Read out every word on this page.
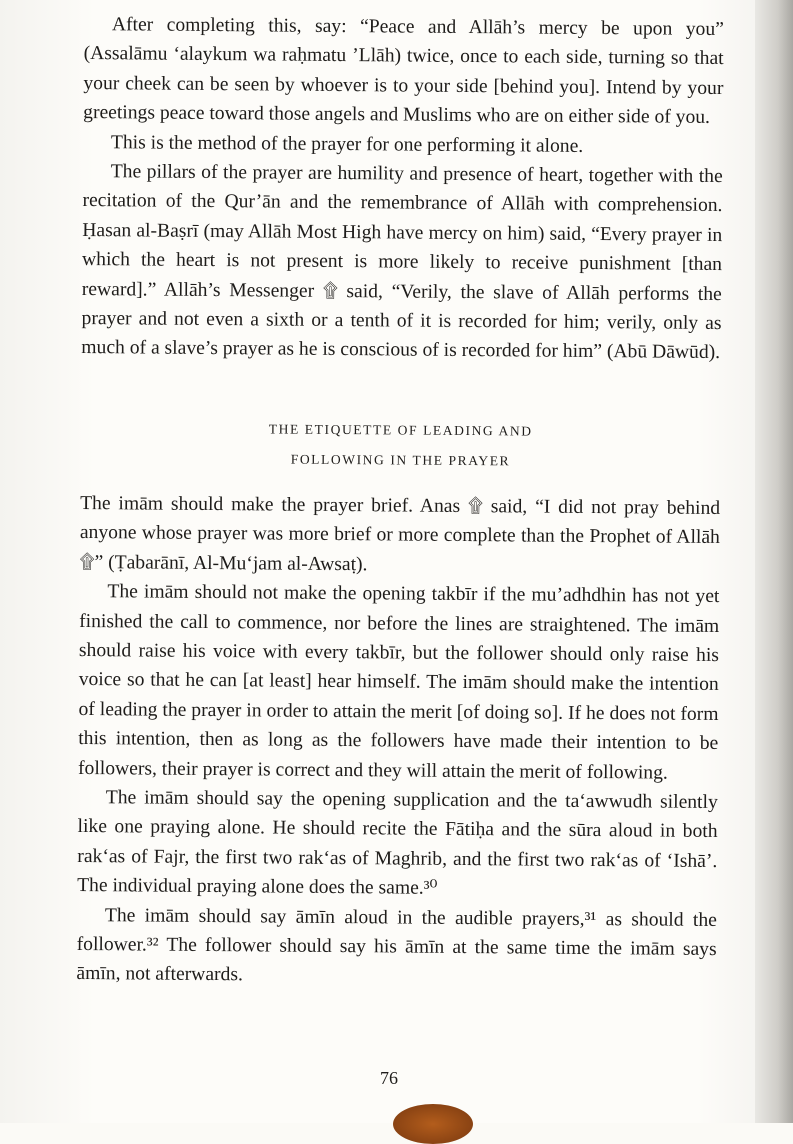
After completing this, say: “Peace and Allāh’s mercy be upon you” (Assalāmu ‘alaykum wa raḥmatu ’Llāh) twice, once to each side, turning so that your cheek can be seen by whoever is to your side [behind you]. Intend by your greetings peace toward those angels and Muslims who are on either side of you.

This is the method of the prayer for one performing it alone.

The pillars of the prayer are humility and presence of heart, together with the recitation of the Qur’ān and the remembrance of Allāh with comprehension. Ḥasan al-Baṣrī (may Allāh Most High have mercy on him) said, “Every prayer in which the heart is not present is more likely to receive punishment [than reward].” Allāh’s Messenger ۩ said, “Verily, the slave of Allāh performs the prayer and not even a sixth or a tenth of it is recorded for him; verily, only as much of a slave’s prayer as he is conscious of is recorded for him” (Abū Dāwūd).

THE ETIQUETTE OF LEADING AND
FOLLOWING IN THE PRAYER

The imām should make the prayer brief. Anas ۩ said, “I did not pray behind anyone whose prayer was more brief or more complete than the Prophet of Allāh ۩” (Ṭabarānī, Al-Mu‘jam al-Awsaṭ).

The imām should not make the opening takbīr if the mu’adhdhin has not yet finished the call to commence, nor before the lines are straightened. The imām should raise his voice with every takbīr, but the follower should only raise his voice so that he can [at least] hear himself. The imām should make the intention of leading the prayer in order to attain the merit [of doing so]. If he does not form this intention, then as long as the followers have made their intention to be followers, their prayer is correct and they will attain the merit of following.

The imām should say the opening supplication and the ta‘awwudh silently like one praying alone. He should recite the Fātiḥa and the sūra aloud in both rak‘as of Fajr, the first two rak‘as of Maghrib, and the first two rak‘as of ‘Ishā’. The individual praying alone does the same.³⁰

The imām should say āmīn aloud in the audible prayers,³¹ as should the follower.³² The follower should say his āmīn at the same time the imām says āmīn, not afterwards.

76
